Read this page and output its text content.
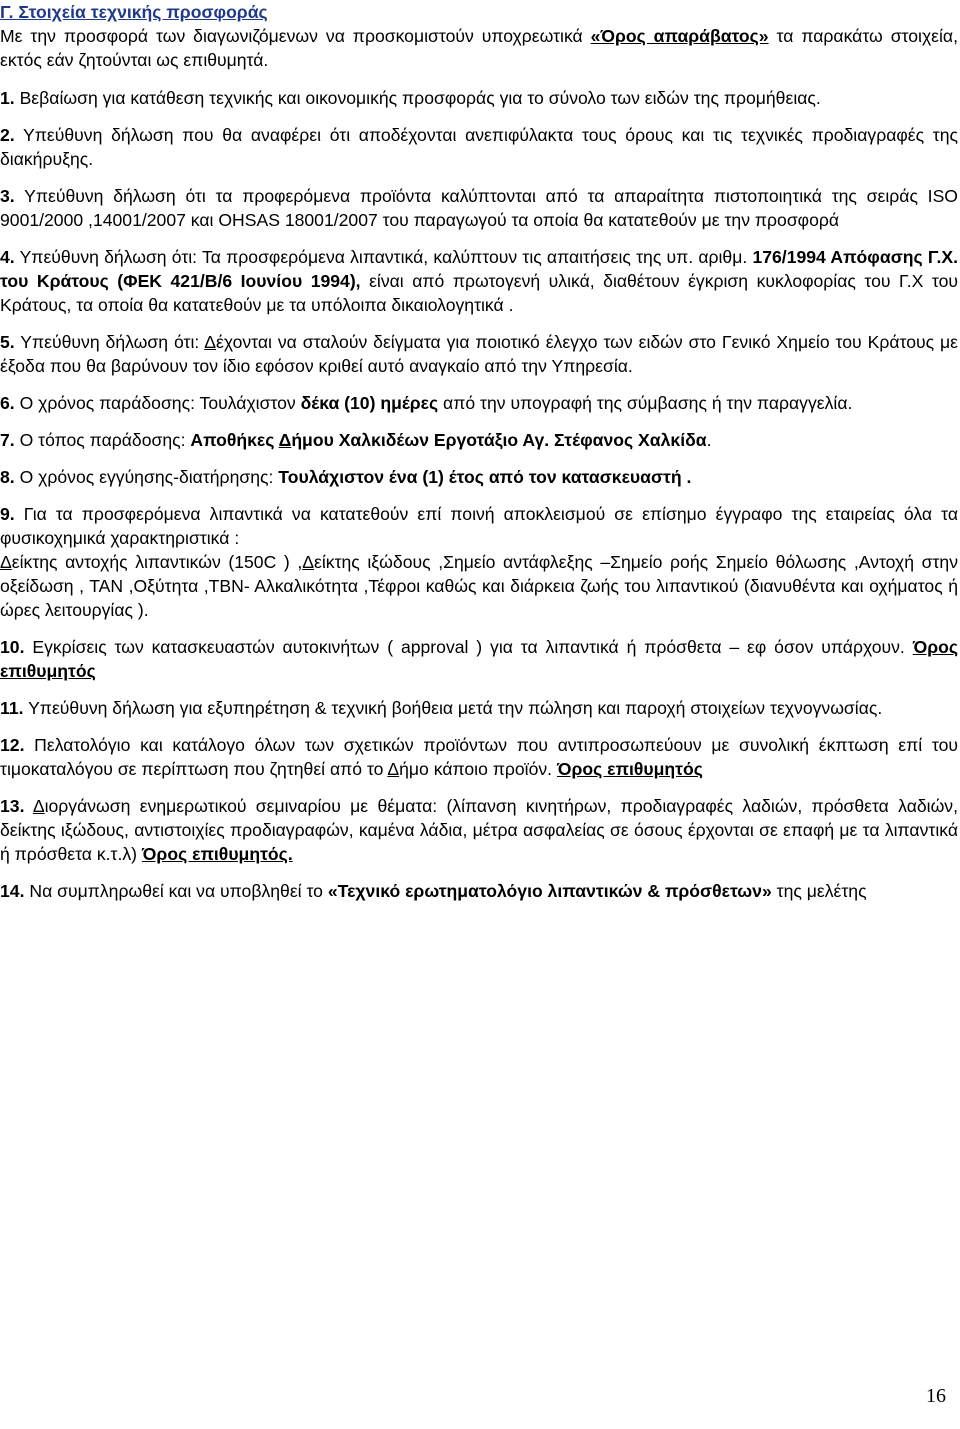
Γ. Στοιχεία τεχνικής προσφοράς

Με την προσφορά των διαγωνιζόμενων να προσκομιστούν υποχρεωτικά «Όρος απαράβατος» τα παρακάτω στοιχεία, εκτός εάν ζητούνται ως επιθυμητά.

1. Βεβαίωση για κατάθεση τεχνικής και οικονομικής προσφοράς για το σύνολο των ειδών της προμήθειας.

2. Υπεύθυνη δήλωση που θα αναφέρει ότι αποδέχονται ανεπιφύλακτα τους όρους και τις τεχνικές προδιαγραφές της διακήρυξης.

3. Υπεύθυνη δήλωση ότι τα προφερόμενα προϊόντα καλύπτονται από τα απαραίτητα πιστοποιητικά της σειράς ISO 9001/2000 ,14001/2007 και OHSAS 18001/2007 του παραγωγού τα οποία θα κατατεθούν με την προσφορά

4. Υπεύθυνη δήλωση ότι: Τα προσφερόμενα λιπαντικά, καλύπτουν τις απαιτήσεις της υπ. αριθμ. 176/1994 Απόφασης Γ.Χ. του Κράτους (ΦΕΚ 421/Β/6 Ιουνίου 1994), είναι από πρωτογενή υλικά, διαθέτουν έγκριση κυκλοφορίας του Γ.Χ του Κράτους, τα οποία θα κατατεθούν με τα υπόλοιπα δικαιολογητικά .

5. Υπεύθυνη δήλωση ότι: Δέχονται να σταλούν δείγματα για ποιοτικό έλεγχο των ειδών στο Γενικό Χημείο του Κράτους με έξοδα που θα βαρύνουν τον ίδιο εφόσον κριθεί αυτό αναγκαίο από την Υπηρεσία.

6. Ο χρόνος παράδοσης: Τουλάχιστον δέκα (10) ημέρες από την υπογραφή της σύμβασης ή την παραγγελία.

7. Ο τόπος παράδοσης: Αποθήκες Δήμου Χαλκιδέων Εργοτάξιο Αγ. Στέφανος Χαλκίδα.

8. Ο χρόνος εγγύησης-διατήρησης: Τουλάχιστον ένα (1) έτος από τον κατασκευαστή .

9. Για τα προσφερόμενα λιπαντικά να κατατεθούν επί ποινή αποκλεισμού σε επίσημο έγγραφο της εταιρείας όλα τα φυσικοχημικά χαρακτηριστικά :
Δείκτης αντοχής λιπαντικών (150C ) ,Δείκτης ιξώδους ,Σημείο αντάφλεξης –Σημείο ροής Σημείο θόλωσης ,Αντοχή στην οξείδωση , ΤΑΝ ,Οξύτητα ,ΤΒΝ- Αλκαλικότητα ,Τέφροι καθώς και διάρκεια ζωής του λιπαντικού (διανυθέντα και οχήματος ή ώρες λειτουργίας ).

10. Εγκρίσεις των κατασκευαστών αυτοκινήτων ( approval ) για τα λιπαντικά ή πρόσθετα – εφ όσον υπάρχουν. Όρος επιθυμητός

11. Υπεύθυνη δήλωση για εξυπηρέτηση & τεχνική βοήθεια μετά την πώληση και παροχή στοιχείων τεχνογνωσίας.

12. Πελατολόγιο και κατάλογο όλων των σχετικών προϊόντων που αντιπροσωπεύουν με συνολική έκπτωση επί του τιμοκαταλόγου σε περίπτωση που ζητηθεί από το Δήμο κάποιο προϊόν. Όρος επιθυμητός

13. Διοργάνωση ενημερωτικού σεμιναρίου με θέματα: (λίπανση κινητήρων, προδιαγραφές λαδιών, πρόσθετα λαδιών, δείκτης ιξώδους, αντιστοιχίες προδιαγραφών, καμένα λάδια, μέτρα ασφαλείας σε όσους έρχονται σε επαφή με τα λιπαντικά ή πρόσθετα κ.τ.λ) Όρος επιθυμητός.

14. Να συμπληρωθεί και να υποβληθεί το «Τεχνικό ερωτηματολόγιο λιπαντικών & πρόσθετων» της μελέτης

16
